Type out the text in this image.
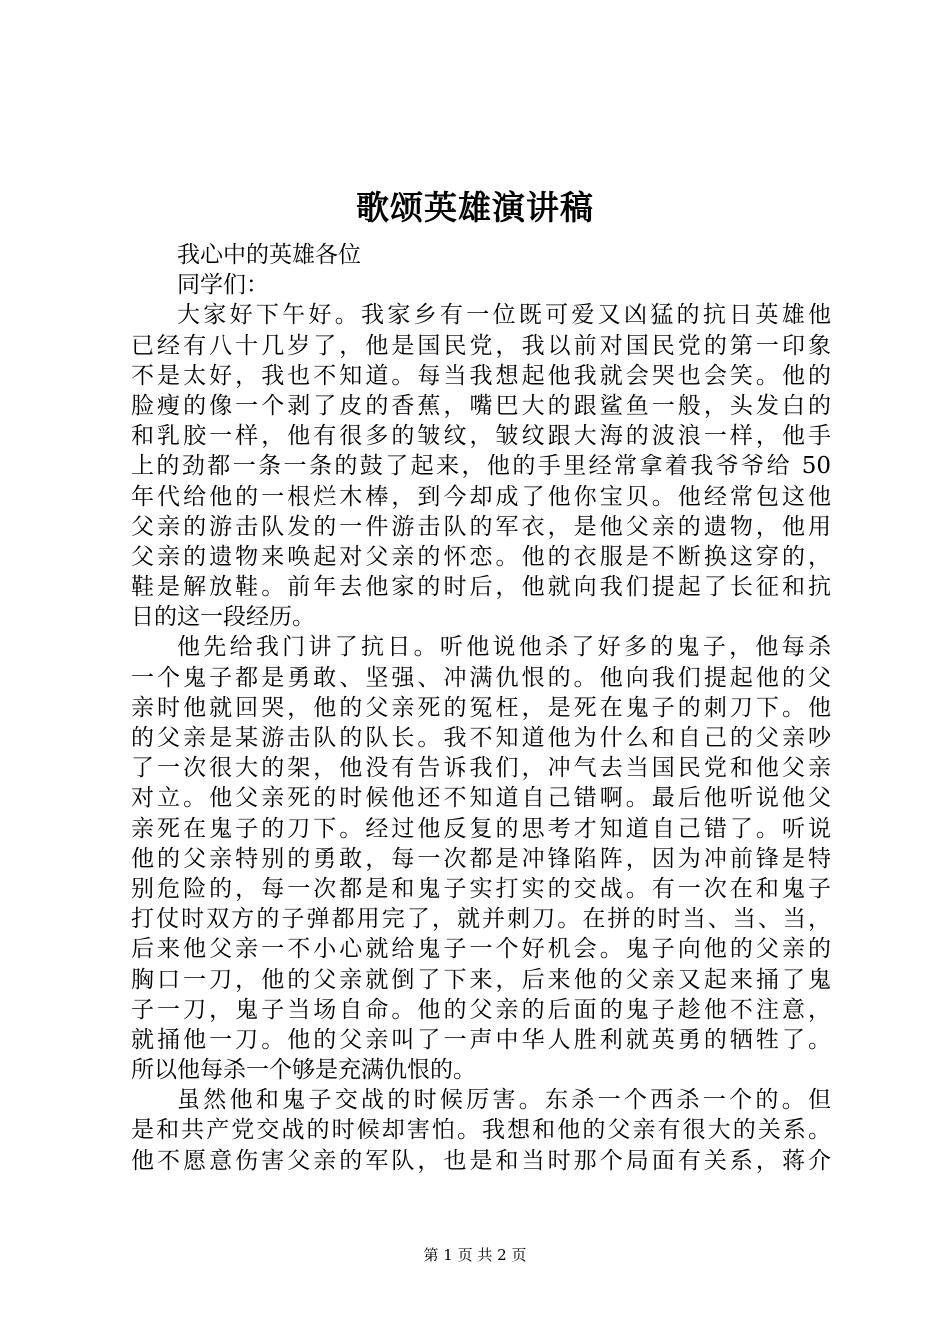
歌颂英雄演讲稿
我心中的英雄各位
同学们：
大家好下午好。我家乡有一位既可爱又凶猛的抗日英雄他
已经有八十几岁了，他是国民党，我以前对国民党的第一印象
不是太好，我也不知道。每当我想起他我就会哭也会笑。他的
脸瘦的像一个剥了皮的香蕉，嘴巴大的跟鲨鱼一般，头发白的
和乳胶一样，他有很多的皱纹，皱纹跟大海的波浪一样，他手
上的劲都一条一条的鼓了起来，他的手里经常拿着我爷爷给 50
年代给他的一根烂木棒，到今却成了他你宝贝。他经常包这他
父亲的游击队发的一件游击队的军衣，是他父亲的遗物，他用
父亲的遗物来唤起对父亲的怀恋。他的衣服是不断换这穿的，
鞋是解放鞋。前年去他家的时后，他就向我们提起了长征和抗
日的这一段经历。
他先给我门讲了抗日。听他说他杀了好多的鬼子，他每杀
一个鬼子都是勇敢、坚强、冲满仇恨的。他向我们提起他的父
亲时他就回哭，他的父亲死的冤枉，是死在鬼子的刺刀下。他
的父亲是某游击队的队长。我不知道他为什么和自己的父亲吵
了一次很大的架，他没有告诉我们，冲气去当国民党和他父亲
对立。他父亲死的时候他还不知道自己错啊。最后他听说他父
亲死在鬼子的刀下。经过他反复的思考才知道自己错了。听说
他的父亲特别的勇敢，每一次都是冲锋陷阵，因为冲前锋是特
别危险的，每一次都是和鬼子实打实的交战。有一次在和鬼子
打仗时双方的子弹都用完了，就并刺刀。在拼的时当、当、当，
后来他父亲一不小心就给鬼子一个好机会。鬼子向他的父亲的
胸口一刀，他的父亲就倒了下来，后来他的父亲又起来捅了鬼
子一刀，鬼子当场自命。他的父亲的后面的鬼子趁他不注意，
就捅他一刀。他的父亲叫了一声中华人胜利就英勇的牺牲了。
所以他每杀一个够是充满仇恨的。
虽然他和鬼子交战的时候厉害。东杀一个西杀一个的。但
是和共产党交战的时候却害怕。我想和他的父亲有很大的关系。
他不愿意伤害父亲的军队，也是和当时那个局面有关系，蒋介
第 1 页 共 2 页
